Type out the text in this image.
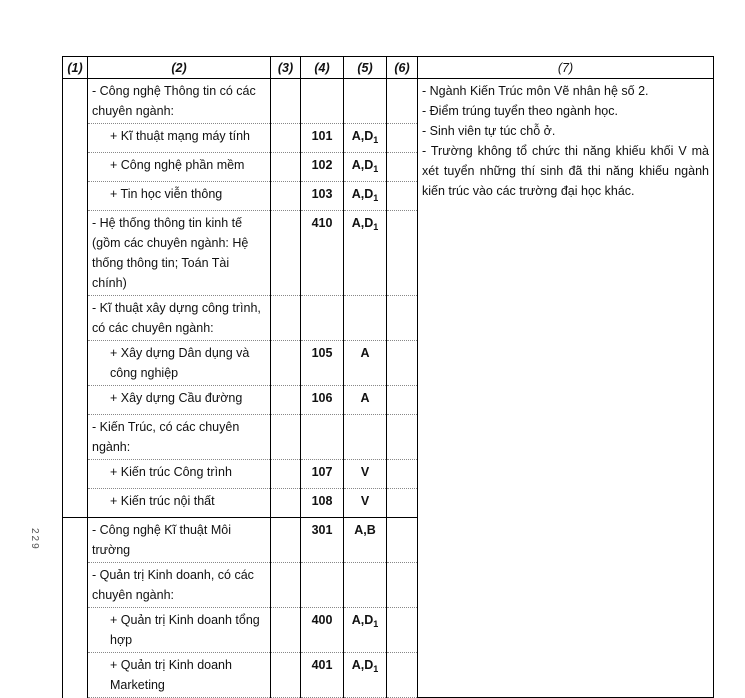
229
(1)	(2)	(3)	(4)	(5)	(6)	(7)
	- Công nghệ Thông tin có các chuyên ngành:					- Ngành Kiến Trúc môn Vẽ nhân hệ số 2.

- Điểm trúng tuyển theo ngành học.

- Sinh viên tự túc chỗ ở.

- Trường không tổ chức thi năng khiếu khối V mà xét tuyển những thí sinh đã thi năng khiếu ngành kiến trúc vào các trường đại học khác.

	+ Kĩ thuật mạng máy tính		101	$A,D_1$	
	+ Công nghệ phần mềm		102	$A,D_1$	
	+ Tin học viễn thông		103	$A,D_1$	
	- Hệ thống thông tin kinh tế (gồm các chuyên ngành: Hệ thống thông tin; Toán Tài chính)		410	$A,D_1$	
	- Kĩ thuật xây dựng công trình, có các chuyên ngành:					
	+ Xây dựng Dân dụng và công nghiệp		105	A		
	+ Xây dựng Cầu đường		106	A		
	- Kiến Trúc, có các chuyên ngành:					
	+ Kiến trúc Công trình		107	V		
	+ Kiến trúc nội thất		108	V		
	- Công nghệ Kĩ thuật Môi trường		301	A,B		
	- Quản trị Kinh doanh, có các chuyên ngành:					
	+ Quản trị Kinh doanh tổng hợp		400	$A,D_1$	
	+ Quản trị Kinh doanh Marketing		401	$A,D_1$	
